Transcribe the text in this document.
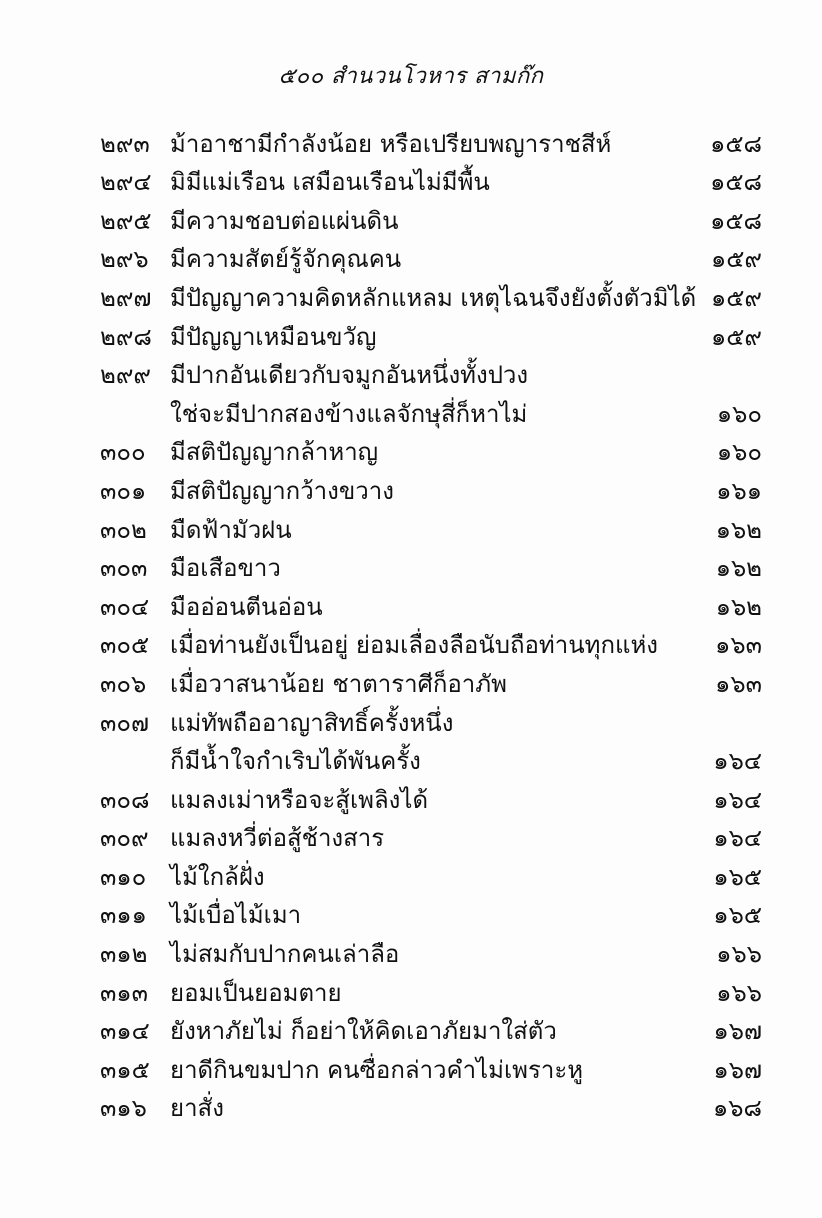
๕๐๐ สำนวนโวหาร สามก๊ก
๒๙๓ ม้าอาชามีกำลังน้อย หรือเปรียบพญาราชสีห์	๑๕๘
๒๙๔ มิมีแม่เรือน เสมือนเรือนไม่มีพื้น	๑๕๘
๒๙๕ มีความชอบต่อแผ่นดิน	๑๕๘
๒๙๖ มีความสัตย์รู้จักคุณคน	๑๕๙
๒๙๗ มีปัญญาความคิดหลักแหลม เหตุไฉนจึงยังตั้งตัวมิได้ ๑๕๙
๒๙๘ มีปัญญาเหมือนขวัญ	๑๕๙
๒๙๙ มีปากอันเดียวกับจมูกอันหนึ่งทั้งปวง
ใช่จะมีปากสองข้างแลจักษุสี่ก็หาไม่	๑๖๐
๓๐๐	มีสติปัญญากล้าหาญ	๑๖๐
๓๐๑ มีสติปัญญากว้างขวาง	๑๖๑
๓๐๒ มืดฟ้ามัวฝน	๑๖๒
๓๐๓ มือเสือขาว	๑๖๒
๓๐๔ มืออ่อนตีนอ่อน	๑๖๒
๓๐๕ เมื่อท่านยังเป็นอยู่ ย่อมเลื่องลือนับถือท่านทุกแห่ง	๑๖๓
๓๐๖ เมื่อวาสนาน้อย ชาตาราศีก็อาภัพ	๑๖๓
๓๐๗ แม่ทัพถืออาญาสิทธิ์ครั้งหนึ่ง
ก็มีน้ำใจกำเริบได้พันครั้ง	๑๖๔
๓๐๘ แมลงเม่าหรือจะสู้เพลิงได้	๑๖๔
๓๐๙ แมลงหวี่ต่อสู้ช้างสาร	๑๖๔
๓๑๐ ไม้ใกล้ฝั่ง	๑๖๕
๓๑๑ ไม้เบื่อไม้เมา	๑๖๕
๓๑๒ ไม่สมกับปากคนเล่าลือ	๑๖๖
๓๑๓ ยอมเป็นยอมตาย	๑๖๖
๓๑๔ ยังหาภัยไม่ ก็อย่าให้คิดเอาภัยมาใส่ตัว	๑๖๗
๓๑๕ ยาดีกินขมปาก คนซื่อกล่าวคำไม่เพราะหู	๑๖๗
๓๑๖ ยาสั่ง	๑๖๘
